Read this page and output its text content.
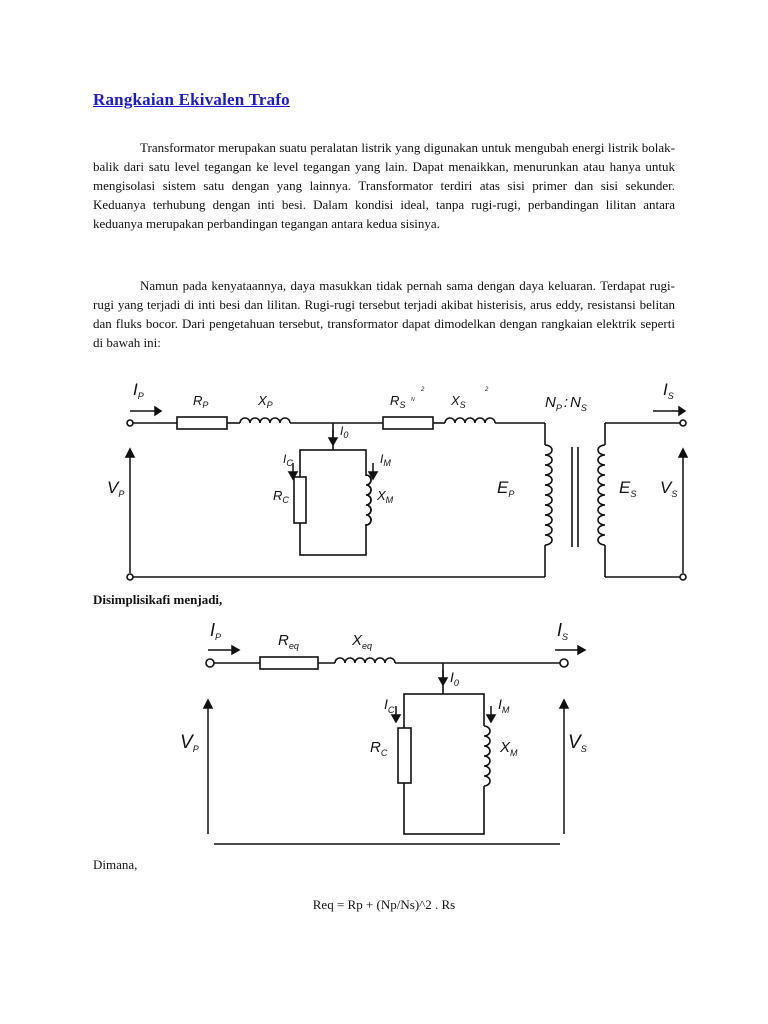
Rangkaian Ekivalen Trafo

Transformator merupakan suatu peralatan listrik yang digunakan untuk mengubah energi listrik bolak-balik dari satu level tegangan ke level tegangan yang lain. Dapat menaikkan, menurunkan atau hanya untuk mengisolasi sistem satu dengan yang lainnya. Transformator terdiri atas sisi primer dan sisi sekunder. Keduanya terhubung dengan inti besi. Dalam kondisi ideal, tanpa rugi-rugi, perbandingan lilitan antara keduanya merupakan perbandingan tegangan antara kedua sisinya.

Namun pada kenyataannya, daya masukkan tidak pernah sama dengan daya keluaran. Terdapat rugi-rugi yang terjadi di inti besi dan lilitan. Rugi-rugi tersebut terjadi akibat histerisis, arus eddy, resistansi belitan dan fluks bocor. Dari pengetahuan tersebut, transformator dapat dimodelkan dengan rangkaian elektrik seperti di bawah ini:

$I_P$	$R_P$	$X_P$	$R_S$ N
2
$X_S$
2
$N_P$ : $N_S$
$I_S$
$I_0$
$I_C$	$I_M$
$R_C$	$X_M$
$V_P$	$E_P$	$E_S$ $V_S$
Disimplisikafi menjadi,
$I_P$	$R_{eq}$	$X_{eq}$
$I_S$
$I_0$
$I_C$	$I_M$
$R_C$	$X_M$
$V_P$	$V_S$
Dimana,
Req = Rp + (Np/Ns)^2 . Rs
